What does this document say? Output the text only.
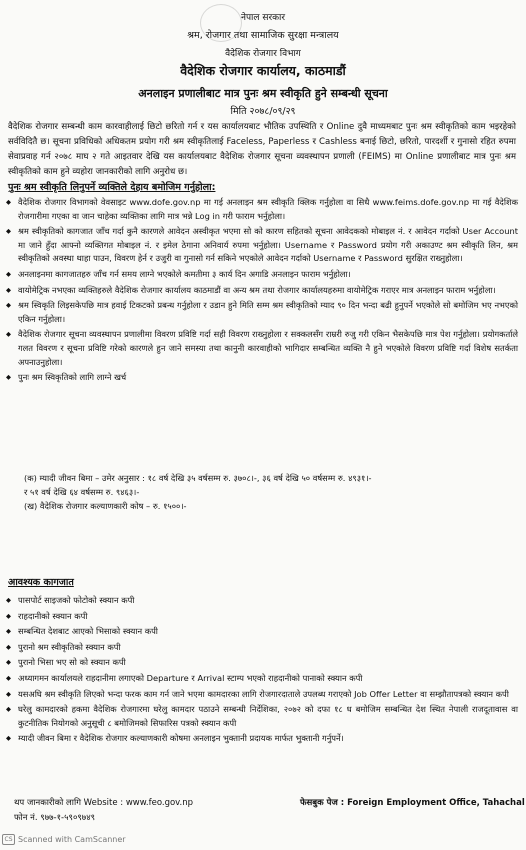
नेपाल सरकार
श्रम, रोजगार तथा सामाजिक सुरक्षा मन्त्रालय
वैदेशिक रोजगार विभाग
वैदेशिक रोजगार कार्यालय, काठमाडौं
अनलाइन प्रणालीबाट मात्र पुनः श्रम स्वीकृति हुने सम्बन्धी सूचना
मिति २०७८/०९/२९
वैदेशिक रोजगार सम्बन्धी काम कारवाहीलाई छिटो छरितो गर्न र यस कार्यालयबाट भौतिक उपस्थिति र Online दुवै माध्यमबाट पुनः श्रम स्वीकृतिको काम भइरहेको सर्वविदितै छ। सूचना प्रविधिको अधिकतम प्रयोग गरी श्रम स्वीकृतिलाई Faceless, Paperless र Cashless बनाई छिटो, छरितो, पारदर्शी र गुनासो रहित रुपमा सेवाप्रवाह गर्न २०७८ माघ २ गते आइतवार देखि यस कार्यालयबाट वैदेशिक रोजगार सूचना व्यवस्थापन प्रणाली (FEIMS) मा Online प्रणालीबाट मात्र पुनः श्रम स्वीकृतिको काम हुने व्यहोरा जानकारीको लागि अनुरोध छ।
पुनः श्रम स्वीकृति लिनुपर्ने व्यक्तिले देहाय बमोजिम गर्नुहोला:
◆ वैदेशिक रोजगार विभागको वेवसाइट www.dofe.gov.np मा गई अनलाइन श्रम स्वीकृति क्लिक गर्नुहोला वा सिधै www.feims.dofe.gov.np मा गई वैदेशिक रोजगारीमा गएका वा जान चाहेका व्यक्तिका लागि मात्र भन्ने Log in गरी फाराम भर्नुहोला।
◆ श्रम स्वीकृतिको कागजात जाँच गर्दा कुनै कारणले आवेदन अस्वीकृत भएमा सो को कारण सहितको सूचना आवेदकको मोबाइल नं. र आवेदन गर्दाको User Account मा जाने हुँदा आफ्नो व्यक्तिगत मोबाइल नं. र इमेल ठेगाना अनिवार्य रुपमा भर्नुहोला। Username र Password प्रयोग गरी अकाउण्ट श्रम स्वीकृति लिन, श्रम स्वीकृतिको अवस्था थाहा पाउन, विवरण हेर्न र उजुरी वा गुनासो गर्न सकिने भएकोले आवेदन गर्दाको Username र Password सुरक्षित राख्नुहोला।
◆ अनलाइनमा कागजातहरु जाँच गर्न समय लाग्ने भएकोले कमतीमा ३ कार्य दिन अगाडि अनलाइन फाराम भर्नुहोला।
◆ वायोमेट्रिक नभएका व्यक्तिहरुले वैदेशिक रोजगार कार्यालय काठमाडौं वा अन्य श्रम तथा रोजगार कार्यालयहरुमा वायोमेट्रिक गराएर मात्र अनलाइन फाराम भर्नुहोला।
◆ श्रम स्विकृति लिइसकेपछि मात्र हवाई टिकटको प्रबन्ध गर्नुहोला र उडान हुने मिति सम्म श्रम स्वीकृतिको म्याद ९० दिन भन्दा बढी हुनुपर्ने भएकोले सो बमोजिम भए नभएको एकिन गर्नुहोला।
◆ वैदेशिक रोजगार सूचना व्यवस्थापन प्रणालीमा विवरण प्रविष्टि गर्दा सही विवरण राख्नुहोला र सक्कलसँग राम्ररी रुजु गरी एकिन भैसकेपछि मात्र पेश गर्नुहोला। प्रयोगकर्ताले गलत विवरण र सूचना प्रविष्टि गरेको कारणले हुन जाने समस्या तथा कानुनी कारवाहीको भागिदार सम्बन्धित व्यक्ति नै हुने भएकोले विवरण प्रविष्टि गर्दा विशेष सतर्कता अपनाउनुहोला।
◆ पुनः श्रम स्विकृतिको लागि लाग्ने खर्च
(क) म्यादी जीवन बिमा – उमेर अनुसार : १८ वर्ष देखि ३५ वर्षसम्म रु. ३७०८।-, ३६ वर्ष देखि ५० वर्षसम्म रु. ४९३१।-
र ५१ वर्ष देखि ६४ वर्षसम्म रु. ९४६३।-
(ख) वैदेशिक रोजगार कल्याणकारी कोष – रु. १५००।-
आवश्यक कागजात
◆ पासपोर्ट साइजको फोटोको स्क्यान कपी
◆ राहदानीको स्क्यान कपी
◆ सम्बन्धित देशबाट आएको भिसाको स्क्यान कपी
◆ पुरानो श्रम स्वीकृतिको स्क्यान कपी
◆ पुरानो भिसा भए सो को स्क्यान कपी
◆ अध्यागमन कार्यालयले राहदानीमा लगाएको Departure र Arrival स्टाम्प भएको राहदानीको पानाको स्क्यान कपी
◆ यसअघि श्रम स्वीकृति लिएको भन्दा फरक काम गर्न जाने भएमा कामदारका लागि रोजगारदाताले उपलब्ध गराएको Job Offer Letter वा सम्झौतापत्रको स्क्यान कपी
◆ घरेलु कामदारको हकमा वैदेशिक रोजगारमा घरेलु कामदार पठाउने सम्बन्धी निर्देशिका, २०७२ को दफा १८ ध बमोजिम सम्बन्धित देश स्थित नेपाली राजदूतावास वा कुटनीतिक नियोगको अनुसूची ८ बमोजिमको सिफारिस पत्रको स्क्यान कपी
◆ म्यादी जीवन बिमा र वैदेशिक रोजगार कल्याणकारी कोषमा अनलाइन भुक्तानी प्रदायक मार्फत भुक्तानी गर्नुपर्ने।
थप जानकारीको लागि Website : www.feo.gov.np	फेसबुक पेज : Foreign Employment Office, Tahachal
फोन नं. ९७७-१-५९०९७४९
CS Scanned with CamScanner
